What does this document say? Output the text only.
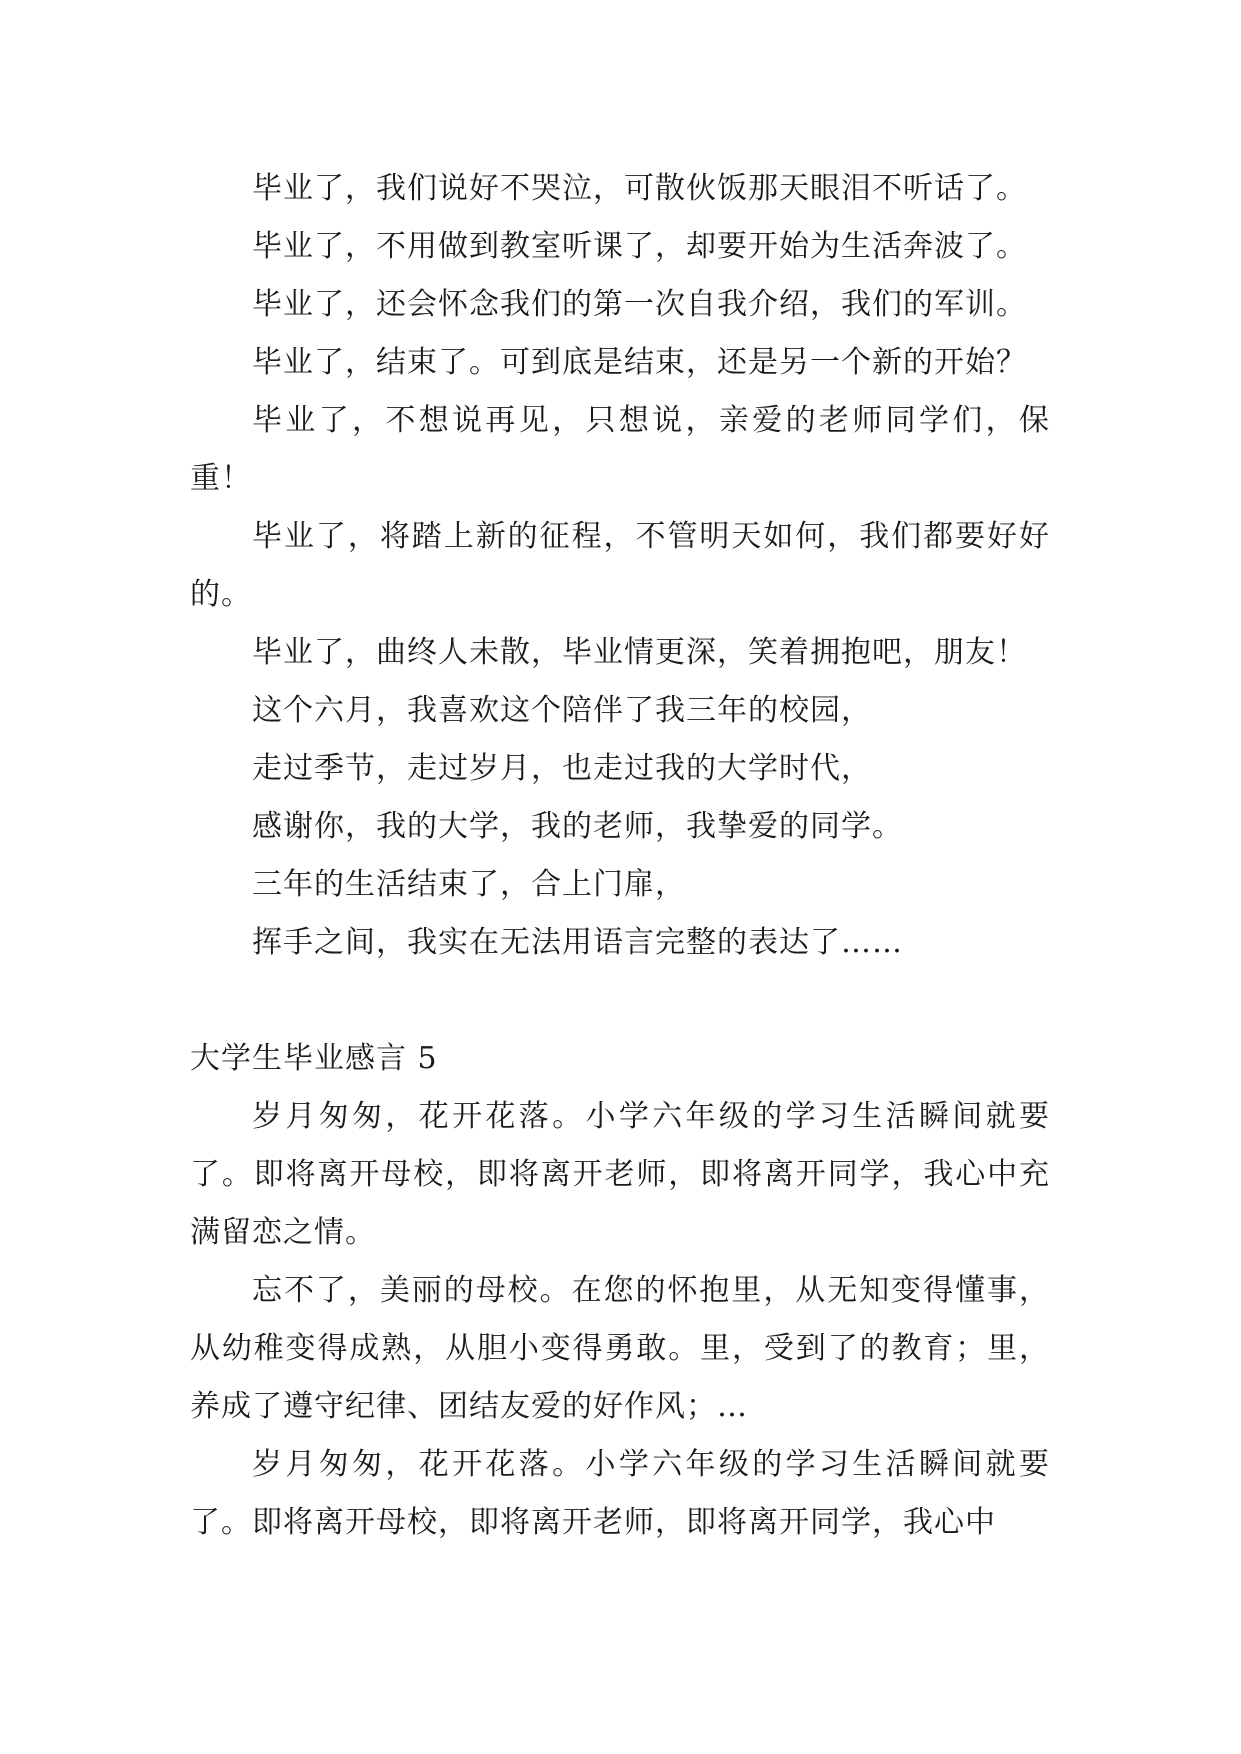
毕业了，我们说好不哭泣，可散伙饭那天眼泪不听话了。

毕业了，不用做到教室听课了，却要开始为生活奔波了。

毕业了，还会怀念我们的第一次自我介绍，我们的军训。

毕业了，结束了。可到底是结束，还是另一个新的开始？

毕业了，不想说再见，只想说，亲爱的老师同学们，保重！

毕业了，将踏上新的征程，不管明天如何，我们都要好好的。

毕业了，曲终人未散，毕业情更深，笑着拥抱吧，朋友！

这个六月，我喜欢这个陪伴了我三年的校园，

走过季节，走过岁月，也走过我的大学时代，

感谢你，我的大学，我的老师，我挚爱的同学。

三年的生活结束了，合上门扉，

挥手之间，我实在无法用语言完整的表达了……

大学生毕业感言 5

岁月匆匆，花开花落。小学六年级的学习生活瞬间就要了。即将离开母校，即将离开老师，即将离开同学，我心中充满留恋之情。

忘不了，美丽的母校。在您的怀抱里，从无知变得懂事，从幼稚变得成熟，从胆小变得勇敢。里，受到了的教育；里，养成了遵守纪律、团结友爱的好作风；…

岁月匆匆，花开花落。小学六年级的学习生活瞬间就要了。即将离开母校，即将离开老师，即将离开同学，我心中
